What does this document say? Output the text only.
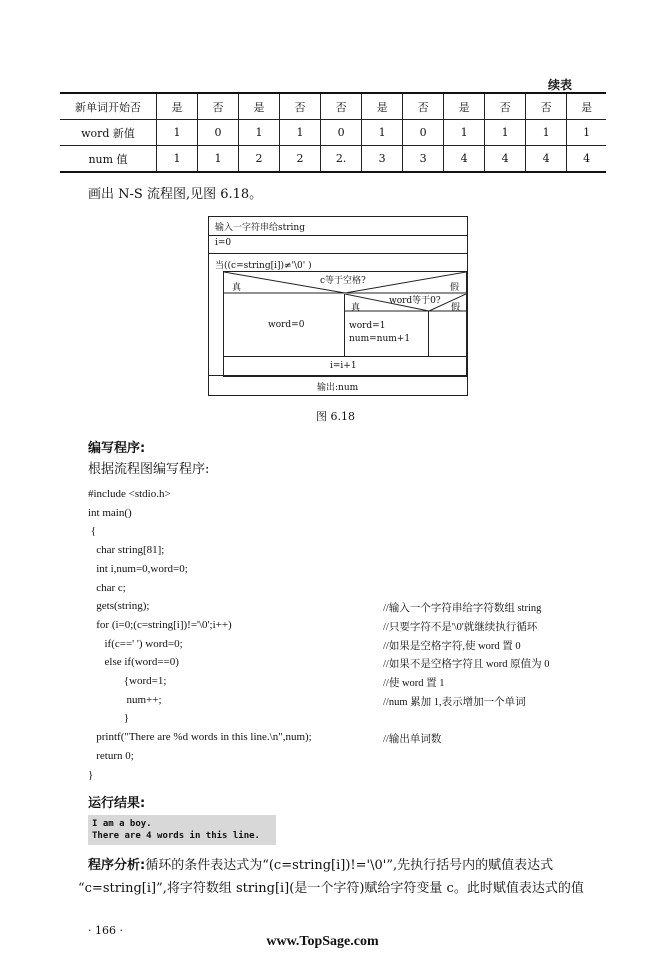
续表
新单词开始否	是	否	是	否	否	是	否	是	否	否	是
word 新值	1	0	1	1	0	1	0	1	1	1	1
num 值	1	1	2	2	2.	3	3	4	4	4	4
画出 N-S 流程图,见图 6.18。
输入一字符串给string
i=0
当((c=string[i])≠'\0' )
c等于空格?
真	假
word=0
word等于0?
真	假
word=1
num=num+1
i=i+1
输出:num
图 6.18
编写程序:
根据流程图编写程序:
#include <stdio.h>
int main()
{
char string[81];
int i,num=0,word=0;
char c;
gets(string);	//输入一个字符串给字符数组 string
for (i=0;(c=string[i])!='\0';i++)	//只要字符不是'\0'就继续执行循环
if(c==' ') word=0;	//如果是空格字符,使 word 置 0
else if(word==0)	//如果不是空格字符且 word 原值为 0
{word=1;	//使 word 置 1
num++;	//num 累加 1,表示增加一个单词
}
printf("There are %d words in this line.\n",num);	//输出单词数
return 0;
}
运行结果:
I am a boy.
There are 4 words in this line.
程序分析:循环的条件表达式为“(c=string[i])!='\0'”,先执行括号内的赋值表达式
“c=string[i]”,将字符数组 string[i](是一个字符)赋给字符变量 c。此时赋值表达式的值
· 166 ·
www.TopSage.com
